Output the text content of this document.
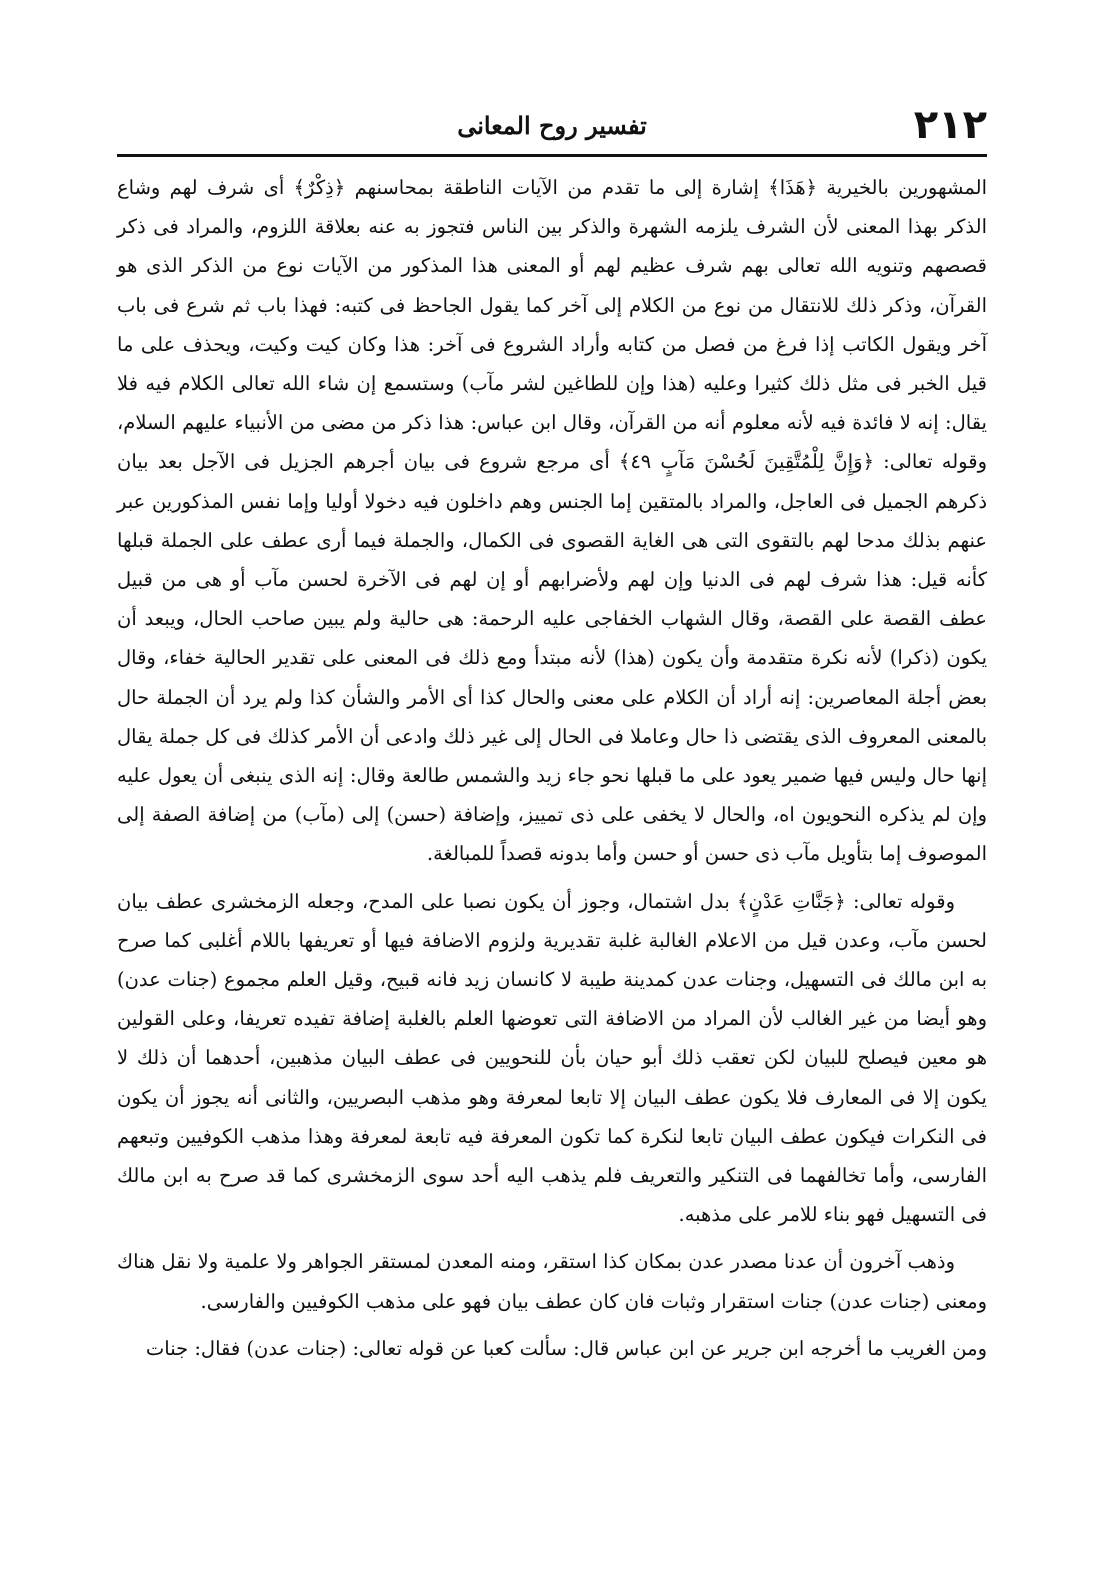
٢١٢
تفسير روح المعانى

المشهورين بالخيرية ﴿هَذَا﴾ إشارة إلى ما تقدم من الآيات الناطقة بمحاسنهم ﴿ذِكْرٌ﴾ أى شرف لهم وشاع الذكر بهذا المعنى لأن الشرف يلزمه الشهرة والذكر بين الناس فتجوز به عنه بعلاقة اللزوم، والمراد فى ذكر قصصهم وتنويه الله تعالى بهم شرف عظيم لهم أو المعنى هذا المذكور من الآيات نوع من الذكر الذى هو القرآن، وذكر ذلك للانتقال من نوع من الكلام إلى آخر كما يقول الجاحظ فى كتبه: فهذا باب ثم شرع فى باب آخر ويقول الكاتب إذا فرغ من فصل من كتابه وأراد الشروع فى آخر: هذا وكان كيت وكيت، ويحذف على ما قيل الخبر فى مثل ذلك كثيرا وعليه (هذا وإن للطاغين لشر مآب) وستسمع إن شاء الله تعالى الكلام فيه فلا يقال: إنه لا فائدة فيه لأنه معلوم أنه من القرآن، وقال ابن عباس: هذا ذكر من مضى من الأنبياء عليهم السلام، وقوله تعالى: ﴿وَإِنَّ لِلْمُتَّقِينَ لَحُسْنَ مَآبٍ ٤٩﴾ أى مرجع شروع فى بيان أجرهم الجزيل فى الآجل بعد بيان ذكرهم الجميل فى العاجل، والمراد بالمتقين إما الجنس وهم داخلون فيه دخولا أوليا وإما نفس المذكورين عبر عنهم بذلك مدحا لهم بالتقوى التى هى الغاية القصوى فى الكمال، والجملة فيما أرى عطف على الجملة قبلها كأنه قيل: هذا شرف لهم فى الدنيا وإن لهم ولأضرابهم أو إن لهم فى الآخرة لحسن مآب أو هى من قبيل عطف القصة على القصة، وقال الشهاب الخفاجى عليه الرحمة: هى حالية ولم يبين صاحب الحال، ويبعد أن يكون (ذكرا) لأنه نكرة متقدمة وأن يكون (هذا) لأنه مبتدأ ومع ذلك فى المعنى على تقدير الحالية خفاء، وقال بعض أجلة المعاصرين: إنه أراد أن الكلام على معنى والحال كذا أى الأمر والشأن كذا ولم يرد أن الجملة حال بالمعنى المعروف الذى يقتضى ذا حال وعاملا فى الحال إلى غير ذلك وادعى أن الأمر كذلك فى كل جملة يقال إنها حال وليس فيها ضمير يعود على ما قبلها نحو جاء زيد والشمس طالعة وقال: إنه الذى ينبغى أن يعول عليه وإن لم يذكره النحويون اه، والحال لا يخفى على ذى تمييز، وإضافة (حسن) إلى (مآب) من إضافة الصفة إلى الموصوف إما بتأويل مآب ذى حسن أو حسن وأما بدونه قصداً للمبالغة.

وقوله تعالى: ﴿جَنَّاتِ عَدْنٍ﴾ بدل اشتمال، وجوز أن يكون نصبا على المدح، وجعله الزمخشرى عطف بيان لحسن مآب، وعدن قيل من الاعلام الغالبة غلبة تقديرية ولزوم الاضافة فيها أو تعريفها باللام أغلبى كما صرح به ابن مالك فى التسهيل، وجنات عدن كمدينة طيبة لا كانسان زيد فانه قبيح، وقيل العلم مجموع (جنات عدن) وهو أيضا من غير الغالب لأن المراد من الاضافة التى تعوضها العلم بالغلبة إضافة تفيده تعريفا، وعلى القولين هو معين فيصلح للبيان لكن تعقب ذلك أبو حيان بأن للنحويين فى عطف البيان مذهبين، أحدهما أن ذلك لا يكون إلا فى المعارف فلا يكون عطف البيان إلا تابعا لمعرفة وهو مذهب البصريين، والثانى أنه يجوز أن يكون فى النكرات فيكون عطف البيان تابعا لنكرة كما تكون المعرفة فيه تابعة لمعرفة وهذا مذهب الكوفيين وتبعهم الفارسى، وأما تخالفهما فى التنكير والتعريف فلم يذهب اليه أحد سوى الزمخشرى كما قد صرح به ابن مالك فى التسهيل فهو بناء للامر على مذهبه.

وذهب آخرون أن عدنا مصدر عدن بمكان كذا استقر، ومنه المعدن لمستقر الجواهر ولا علمية ولا نقل هناك ومعنى (جنات عدن) جنات استقرار وثبات فان كان عطف بيان فهو على مذهب الكوفيين والفارسى.

ومن الغريب ما أخرجه ابن جرير عن ابن عباس قال: سألت كعبا عن قوله تعالى: (جنات عدن) فقال: جنات
